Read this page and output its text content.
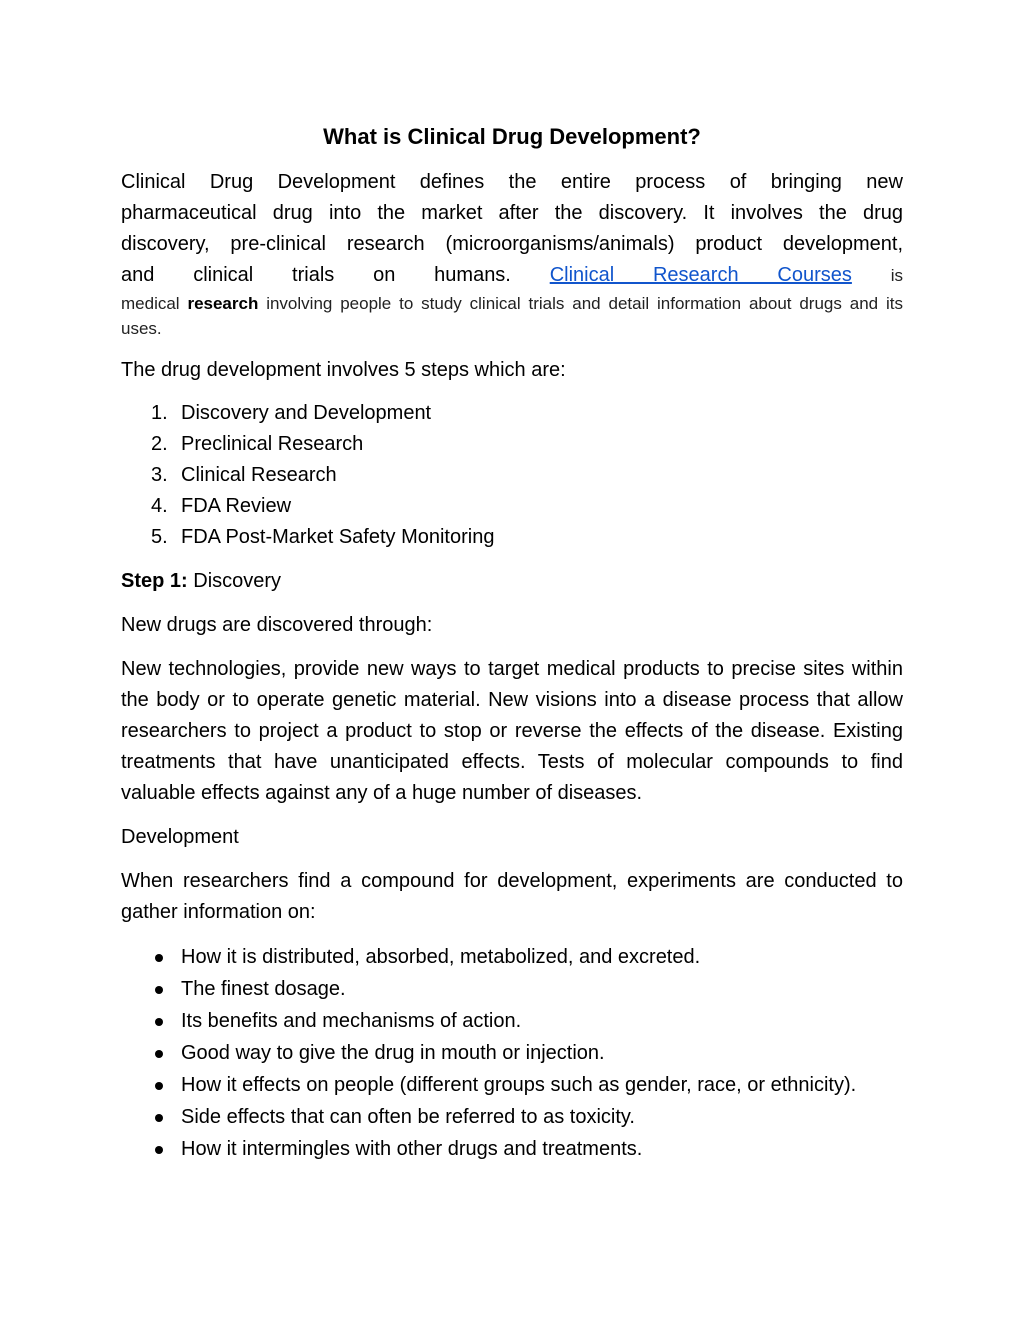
What is Clinical Drug Development?
Clinical Drug Development defines the entire process of bringing new
pharmaceutical drug into the market after the discovery. It involves the drug
discovery, pre-clinical research (microorganisms/animals) product development,
and clinical trials on humans. Clinical Research Courses is

medical research involving people to study clinical trials and detail information about drugs and its uses.

The drug development involves 5 steps which are:

1. Discovery and Development
2. Preclinical Research
3. Clinical Research
4. FDA Review
5. FDA Post-Market Safety Monitoring

Step 1: Discovery

New drugs are discovered through:

New technologies, provide new ways to target medical products to precise sites within the body or to operate genetic material. New visions into a disease process that allow researchers to project a product to stop or reverse the effects of the disease. Existing treatments that have unanticipated effects. Tests of molecular compounds to find valuable effects against any of a huge number of diseases.

Development

When researchers find a compound for development, experiments are conducted to gather information on:

How it is distributed, absorbed, metabolized, and excreted.
The finest dosage.
Its benefits and mechanisms of action.
Good way to give the drug in mouth or injection.
How it effects on people (different groups such as gender, race, or ethnicity).
Side effects that can often be referred to as toxicity.
How it intermingles with other drugs and treatments.
